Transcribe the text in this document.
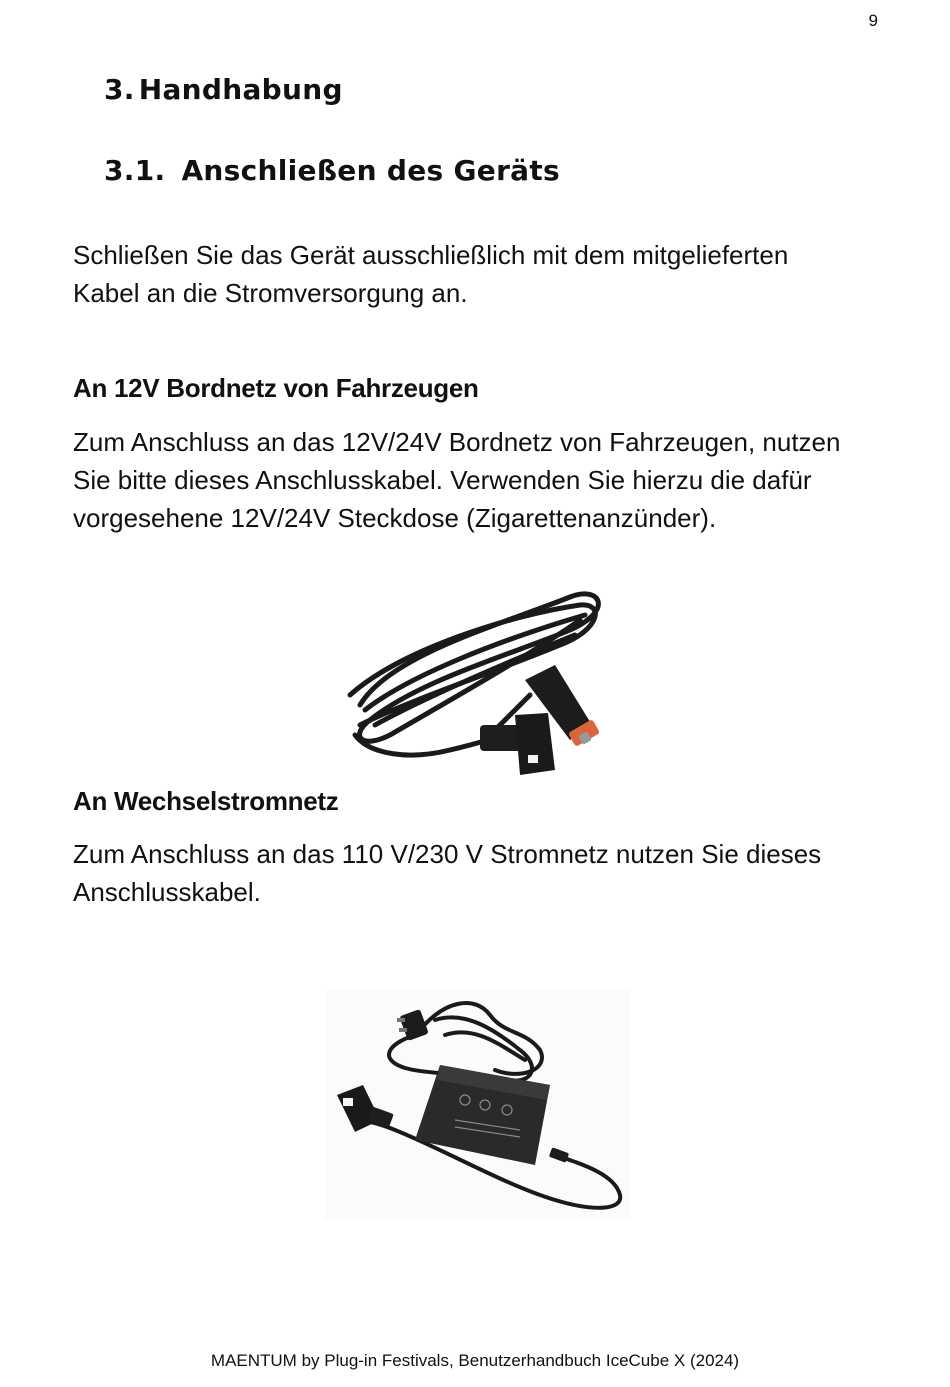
9
3. Handhabung
3.1. Anschließen des Geräts

Schließen Sie das Gerät ausschließlich mit dem mitgelieferten
Kabel an die Stromversorgung an.

An 12V Bordnetz von Fahrzeugen

Zum Anschluss an das 12V/24V Bordnetz von Fahrzeugen, nutzen
Sie bitte dieses Anschlusskabel. Verwenden Sie hierzu die dafür
vorgesehene 12V/24V Steckdose (Zigarettenanzünder).

An Wechselstromnetz

Zum Anschluss an das 110 V/230 V Stromnetz nutzen Sie dieses
Anschlusskabel.

MAENTUM by Plug-in Festivals, Benutzerhandbuch IceCube X (2024)
